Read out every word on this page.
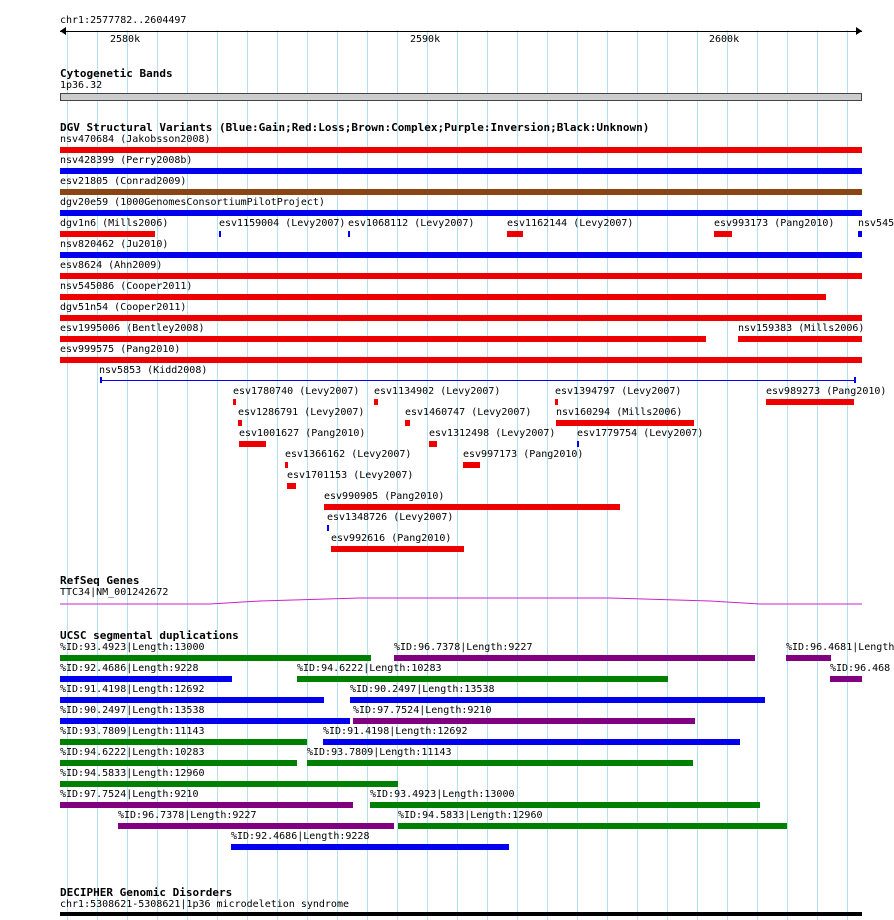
chr1:2577782..2604497
2580k	2590k	2600k
Cytogenetic Bands
1p36.32
DGV Structural Variants (Blue:Gain;Red:Loss;Brown:Complex;Purple:Inversion;Black:Unknown)
nsv470684 (Jakobsson2008)
nsv428399 (Perry2008b)
esv21805 (Conrad2009)
dgv20e59 (1000GenomesConsortiumPilotProject)
dgv1n6 (Mills2006)	esv1159004 (Levy2007) esv1068112 (Levy2007)	esv1162144 (Levy2007)	esv993173 (Pang2010) nsv545
nsv820462 (Ju2010)
esv8624 (Ahn2009)
nsv545086 (Cooper2011)
dgv51n54 (Cooper2011)
esv1995006 (Bentley2008)	nsv159383 (Mills2006)
esv999575 (Pang2010)
nsv5853 (Kidd2008)
esv1780740 (Levy2007) esv1134902 (Levy2007)	esv1394797 (Levy2007)	esv989273 (Pang2010)
esv1286791 (Levy2007)	esv1460747 (Levy2007) nsv160294 (Mills2006)
esv1001627 (Pang2010)	esv1312498 (Levy2007) esv1779754 (Levy2007)
esv1366162 (Levy2007)	esv997173 (Pang2010)
esv1701153 (Levy2007)
esv990905 (Pang2010)
esv1348726 (Levy2007)
esv992616 (Pang2010)
RefSeq Genes
TTC34|NM_001242672
UCSC segmental duplications
%ID:93.4923|Length:13000	%ID:96.7378|Length:9227	%ID:96.4681|Length
%ID:92.4686|Length:9228	%ID:94.6222|Length:10283	%ID:96.468
%ID:91.4198|Length:12692	%ID:90.2497|Length:13538
%ID:90.2497|Length:13538	%ID:97.7524|Length:9210
%ID:93.7809|Length:11143	%ID:91.4198|Length:12692
%ID:94.6222|Length:10283	%ID:93.7809|Length:11143
%ID:94.5833|Length:12960
%ID:97.7524|Length:9210	%ID:93.4923|Length:13000
%ID:96.7378|Length:9227	%ID:94.5833|Length:12960
%ID:92.4686|Length:9228
DECIPHER Genomic Disorders
chr1:5308621-5308621|1p36 microdeletion syndrome
